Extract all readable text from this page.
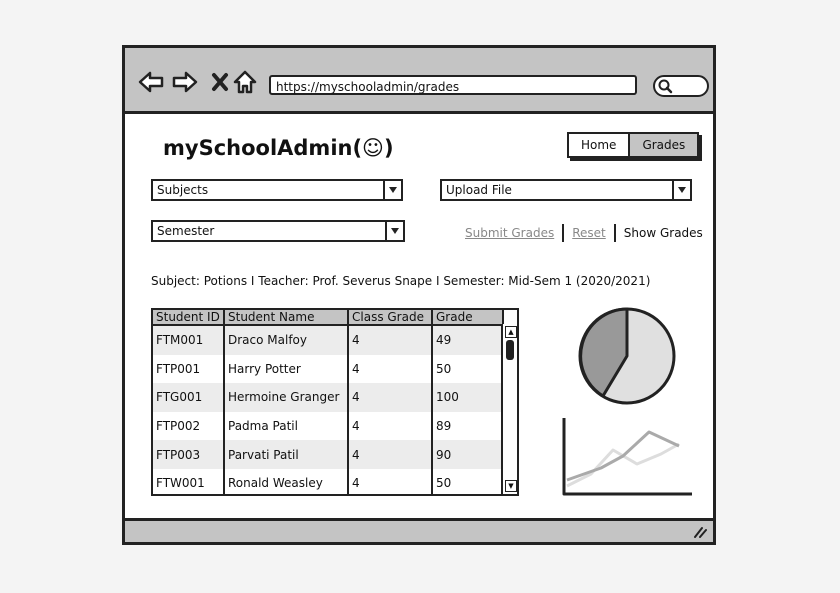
https://myschooladmin/grades
mySchoolAdmin(☺)	Home	Grades
Subjects	Upload File
Semester	Submit Grades Reset Show Grades
Subject: Potions I Teacher: Prof. Severus Snape I Semester: Mid-Sem 1 (2020/2021)
Student ID	Student Name	Class Grade	Grade
FTM001	Draco Malfoy	4	49
FTP001	Harry Potter	4	50
FTG001	Hermoine Granger	4	100
FTP002	Padma Patil	4	89
FTP003	Parvati Patil	4	90
FTW001	Ronald Weasley	4	50
▲
▼
